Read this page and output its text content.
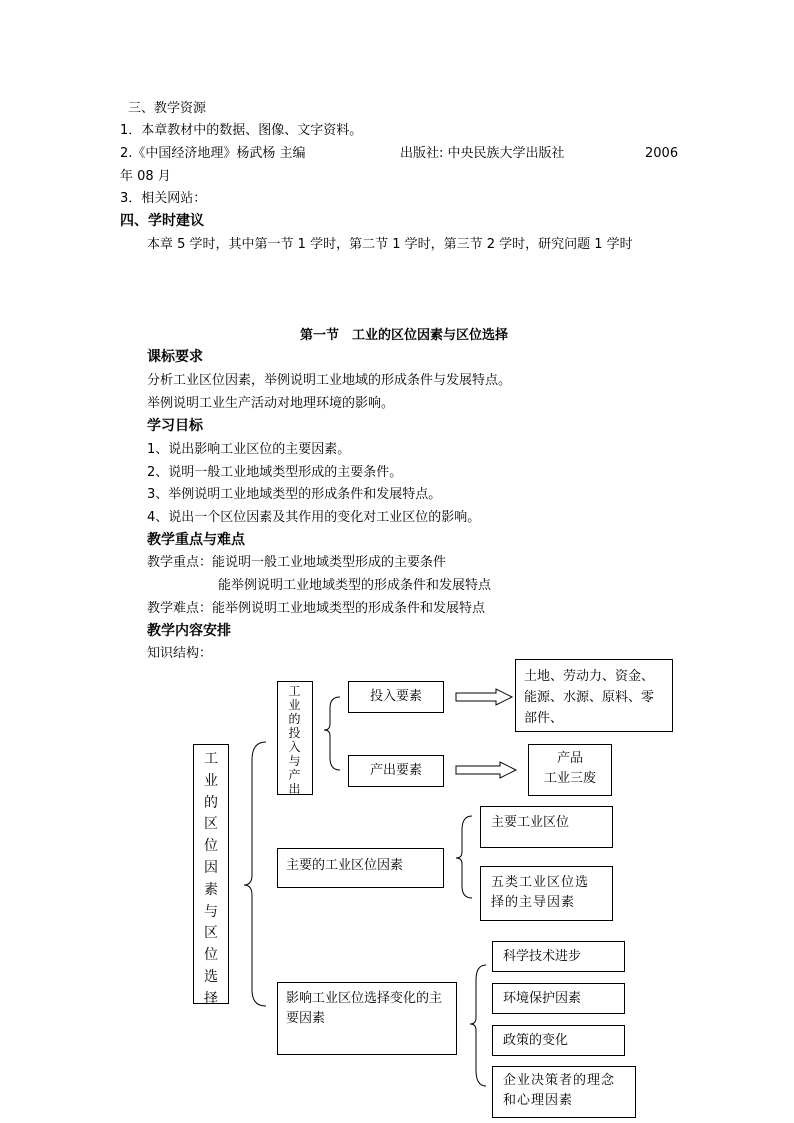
三、教学资源
1．本章教材中的数据、图像、文字资料。
2.《中国经济地理》杨武杨 主编	出版社: 中央民族大学出版社	2006
年 08 月
3．相关网站：
四、学时建议
本章 5 学时，其中第一节 1 学时，第二节 1 学时，第三节 2 学时，研究问题 1 学时
第一节　工业的区位因素与区位选择
课标要求
分析工业区位因素，举例说明工业地域的形成条件与发展特点。
举例说明工业生产活动对地理环境的影响。
学习目标
1、说出影响工业区位的主要因素。
2、说明一般工业地域类型形成的主要条件。
3、举例说明工业地域类型的形成条件和发展特点。
4、说出一个区位因素及其作用的变化对工业区位的影响。
教学重点与难点
教学重点：能说明一般工业地域类型形成的主要条件
能举例说明工业地域类型的形成条件和发展特点
教学难点：能举例说明工业地域类型的形成条件和发展特点
教学内容安排
知识结构：
工业的区位因素与区位选择
工业的投入与产出
投入要素
土地、劳动力、资金、能源、水源、原料、零部件、
产出要素
产品
工业三废
主要的工业区位因素
主要工业区位
五类工业区位选择的主导因素
影响工业区位选择变化的主要因素
科学技术进步
环境保护因素
政策的变化
企业决策者的理念和心理因素
